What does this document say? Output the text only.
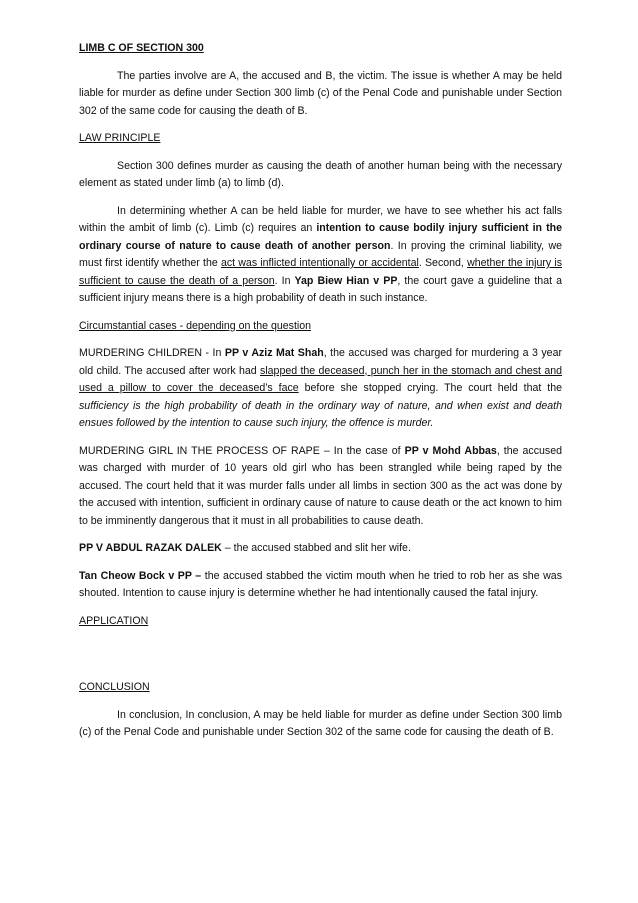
LIMB C OF SECTION 300

The parties involve are A, the accused and B, the victim. The issue is whether A may be held liable for murder as define under Section 300 limb (c) of the Penal Code and punishable under Section 302 of the same code for causing the death of B.

LAW PRINCIPLE

Section 300 defines murder as causing the death of another human being with the necessary element as stated under limb (a) to limb (d).

In determining whether A can be held liable for murder, we have to see whether his act falls within the ambit of limb (c). Limb (c) requires an intention to cause bodily injury sufficient in the ordinary course of nature to cause death of another person. In proving the criminal liability, we must first identify whether the act was inflicted intentionally or accidental. Second, whether the injury is sufficient to cause the death of a person. In Yap Biew Hian v PP, the court gave a guideline that a sufficient injury means there is a high probability of death in such instance.

Circumstantial cases - depending on the question

MURDERING CHILDREN - In PP v Aziz Mat Shah, the accused was charged for murdering a 3 year old child. The accused after work had slapped the deceased, punch her in the stomach and chest and used a pillow to cover the deceased’s face before she stopped crying. The court held that the sufficiency is the high probability of death in the ordinary way of nature, and when exist and death ensues followed by the intention to cause such injury, the offence is murder.

MURDERING GIRL IN THE PROCESS OF RAPE – In the case of PP v Mohd Abbas, the accused was charged with murder of 10 years old girl who has been strangled while being raped by the accused. The court held that it was murder falls under all limbs in section 300 as the act was done by the accused with intention, sufficient in ordinary cause of nature to cause death or the act known to him to be imminently dangerous that it must in all probabilities to cause death.

PP V ABDUL RAZAK DALEK – the accused stabbed and slit her wife.

Tan Cheow Bock v PP – the accused stabbed the victim mouth when he tried to rob her as she was shouted. Intention to cause injury is determine whether he had intentionally caused the fatal injury.

APPLICATION
CONCLUSION

In conclusion, In conclusion, A may be held liable for murder as define under Section 300 limb (c) of the Penal Code and punishable under Section 302 of the same code for causing the death of B.
